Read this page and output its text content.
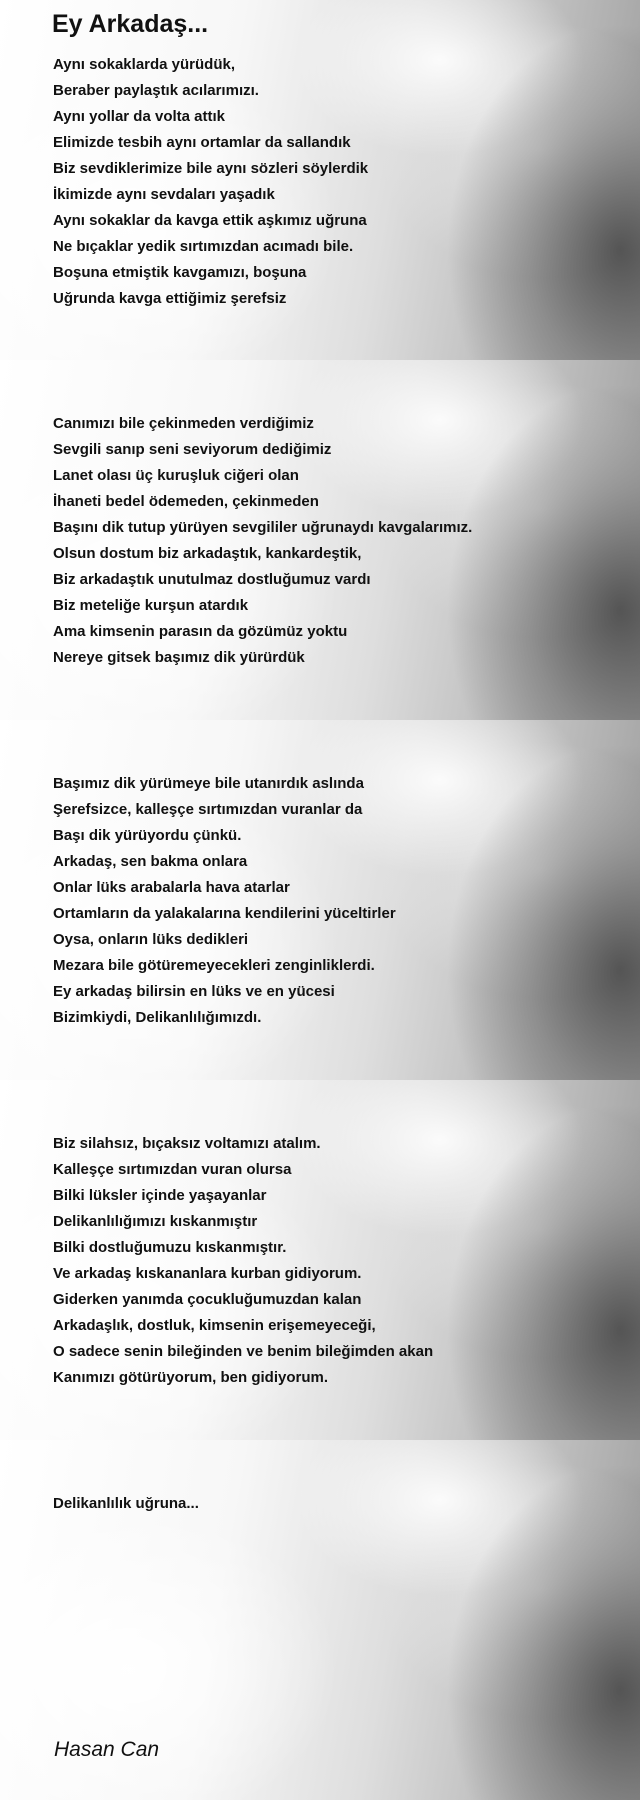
Ey Arkadaş...
Aynı sokaklarda yürüdük,
Beraber paylaştık acılarımızı.
Aynı yollar da volta attık
Elimizde tesbih aynı ortamlar da sallandık
Biz sevdiklerimize bile aynı sözleri söylerdik
İkimizde aynı sevdaları yaşadık
Aynı sokaklar da kavga ettik aşkımız uğruna
Ne bıçaklar yedik sırtımızdan acımadı bile.
Boşuna etmiştik kavgamızı, boşuna
Uğrunda kavga ettiğimiz şerefsiz
Canımızı bile çekinmeden verdiğimiz
Sevgili sanıp seni seviyorum dediğimiz
Lanet olası üç kuruşluk ciğeri olan
İhaneti bedel ödemeden, çekinmeden
Başını dik tutup yürüyen sevgililer uğrunaydı kavgalarımız.
Olsun dostum biz arkadaştık, kankardeştik,
Biz arkadaştık unutulmaz dostluğumuz vardı
Biz meteliğe kurşun atardık
Ama kimsenin parasın da gözümüz yoktu
Nereye gitsek başımız dik yürürdük
Başımız dik yürümeye bile utanırdık aslında
Şerefsizce, kalleşçe sırtımızdan vuranlar da
Başı dik yürüyordu çünkü.
Arkadaş, sen bakma onlara
Onlar lüks arabalarla hava atarlar
Ortamların da yalakalarına kendilerini yüceltirler
Oysa, onların lüks dedikleri
Mezara bile götüremeyecekleri zenginliklerdi.
Ey arkadaş bilirsin en lüks ve en yücesi
Bizimkiydi, Delikanlılığımızdı.
Biz silahsız, bıçaksız voltamızı atalım.
Kalleşçe sırtımızdan vuran olursa
Bilki lüksler içinde yaşayanlar
Delikanlılığımızı kıskanmıştır
Bilki dostluğumuzu kıskanmıştır.
Ve arkadaş kıskananlara kurban gidiyorum.
Giderken yanımda çocukluğumuzdan kalan
Arkadaşlık, dostluk, kimsenin erişemeyeceği,
O sadece senin bileğinden ve benim bileğimden akan
Kanımızı götürüyorum, ben gidiyorum.
Delikanlılık uğruna...

Hasan Can
